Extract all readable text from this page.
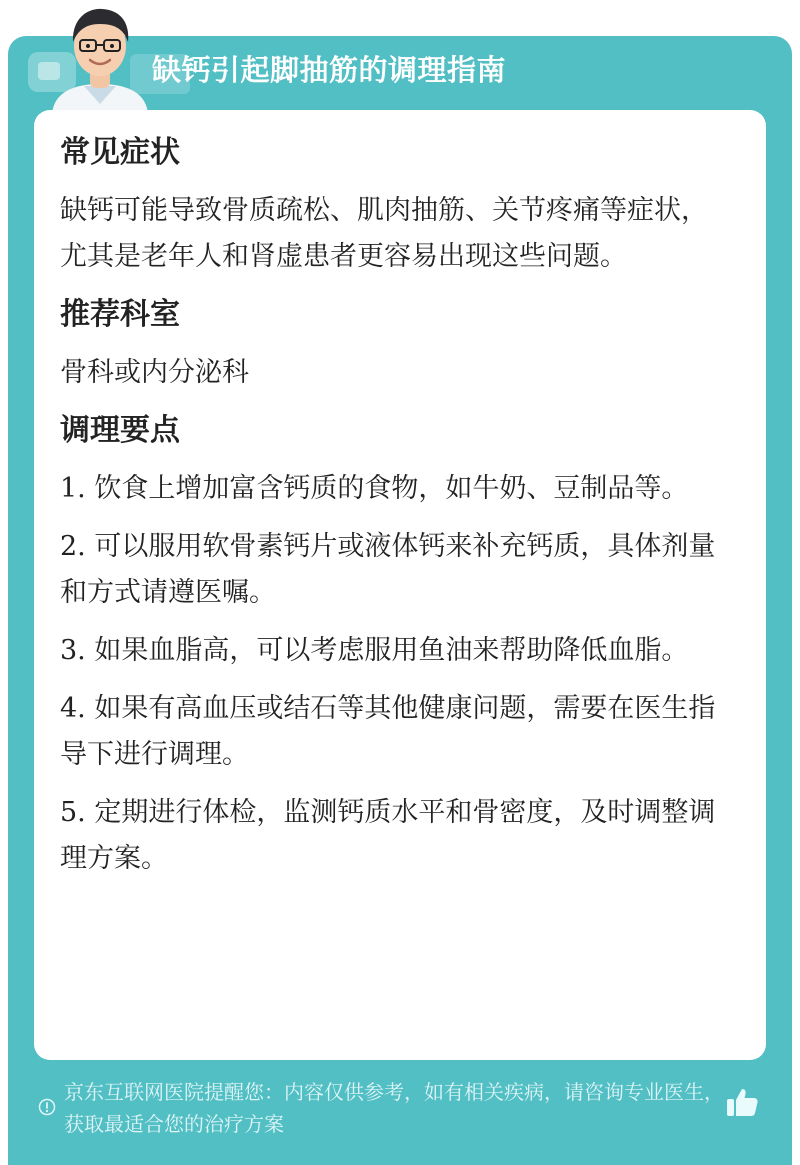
缺钙引起脚抽筋的调理指南
常见症状
缺钙可能导致骨质疏松、肌肉抽筋、关节疼痛等症状，尤其是老年人和肾虚患者更容易出现这些问题。
推荐科室
骨科或内分泌科
调理要点
1. 饮食上增加富含钙质的食物，如牛奶、豆制品等。
2. 可以服用软骨素钙片或液体钙来补充钙质，具体剂量和方式请遵医嘱。
3. 如果血脂高，可以考虑服用鱼油来帮助降低血脂。
4. 如果有高血压或结石等其他健康问题，需要在医生指导下进行调理。
5. 定期进行体检，监测钙质水平和骨密度，及时调整调理方案。
京东互联网医院提醒您：内容仅供参考，如有相关疾病，请咨询专业医生，获取最适合您的治疗方案
